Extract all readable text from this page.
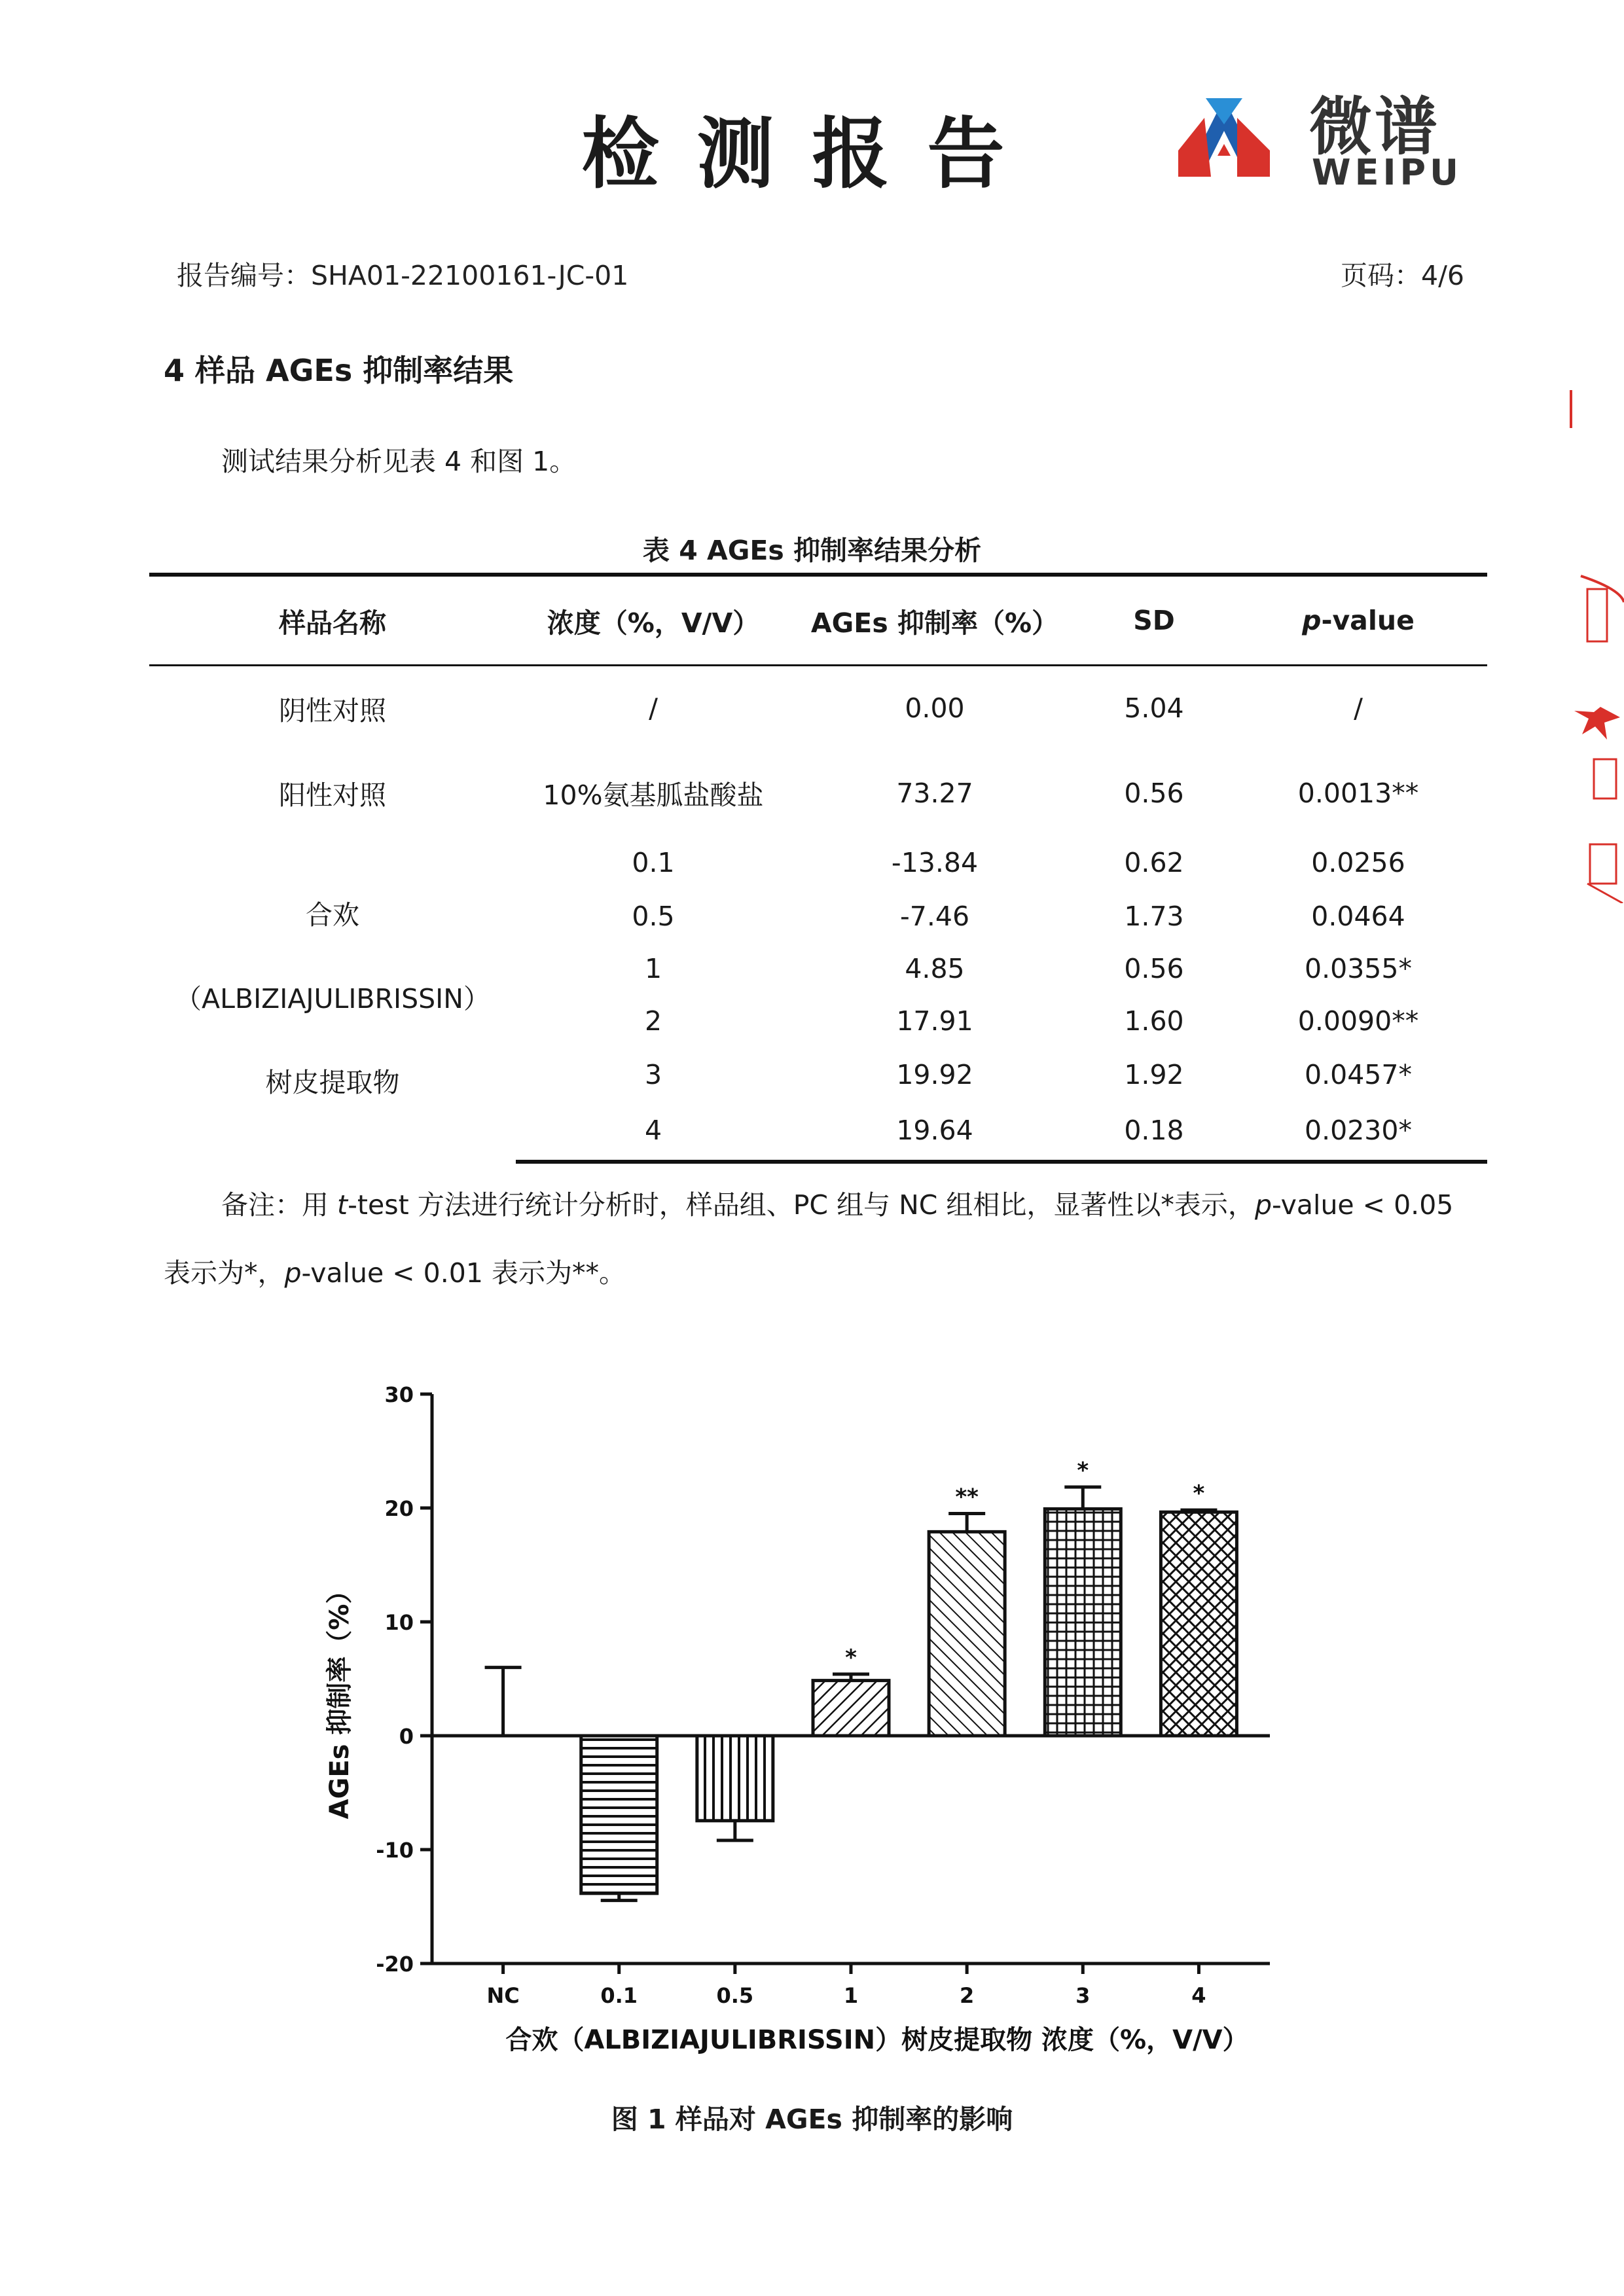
检测报告	微谱
WEIPU
报告编号：SHA01-22100161-JC-01	页码：4/6
4 样品 AGEs 抑制率结果
测试结果分析见表 4 和图 1。
表 4 AGEs 抑制率结果分析
样品名称	浓度（%，V/V）	AGEs 抑制率（%）	SD	p-value
阴性对照	/	0.00	5.04	/
阳性对照	10%氨基胍盐酸盐	73.27	0.56	0.0013**

合欢
（ALBIZIAJULIBRISSIN）
树皮提取物	0.1	-13.84	0.62	0.0256
	0.5	-7.46	1.73	0.0464
	1	4.85	0.56	0.0355*
	2	17.91	1.60	0.0090**
	3	19.92	1.92	0.0457*
	4	19.64	0.18	0.0230*
备注：用 t-test 方法进行统计分析时，样品组、PC 组与 NC 组相比，显著性以*表示，p-value < 0.05
表示为*，p-value < 0.01 表示为**。
-20
-10
0
10
20
30
NC	0.1	0.5
*
1
**
2
*
3
*
4
合欢（ALBIZIAJULIBRISSIN）树皮提取物 浓度（%，V/V）
AGEs 抑制率（%）
图 1 样品对 AGEs 抑制率的影响
